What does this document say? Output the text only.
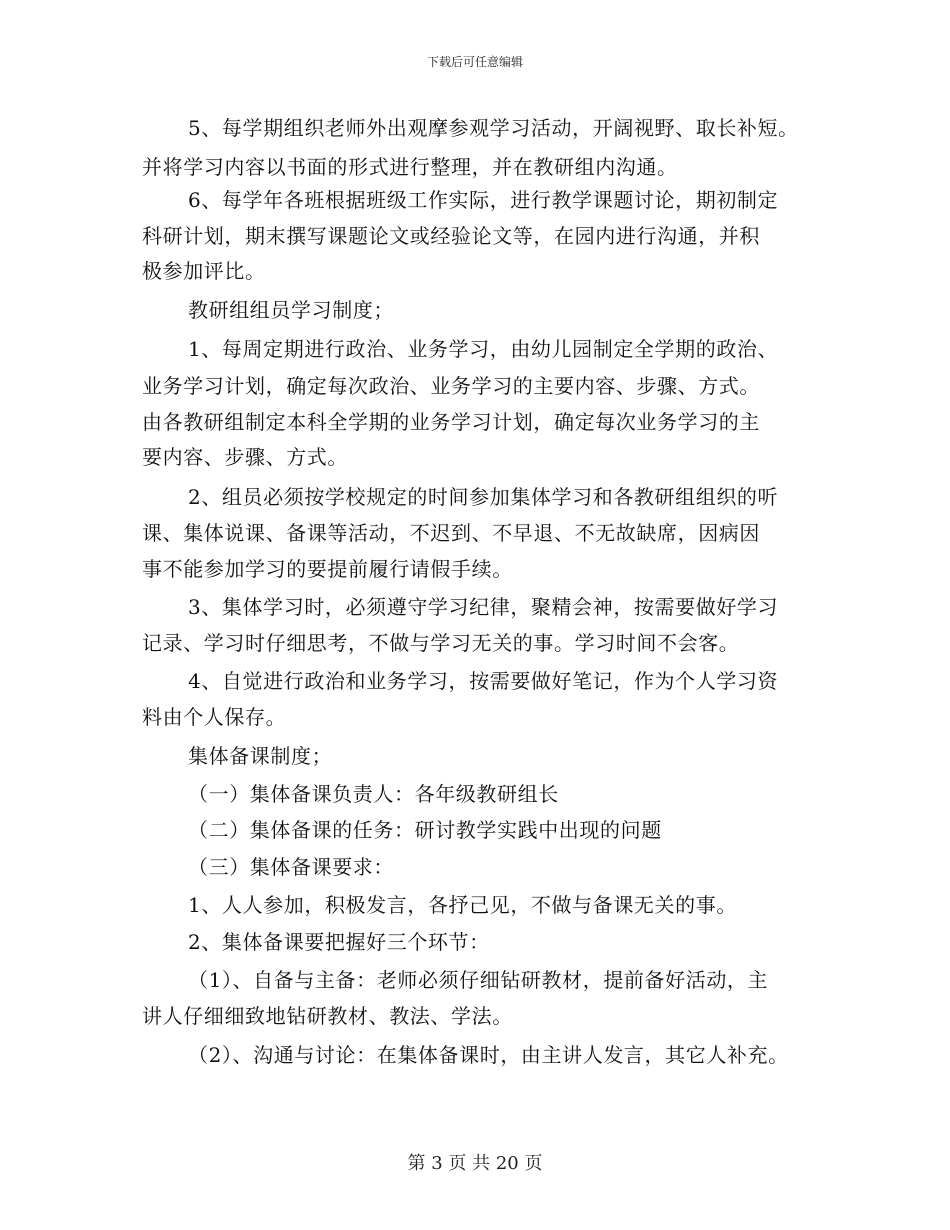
下载后可任意编辑
5、每学期组织老师外出观摩参观学习活动，开阔视野、取长补短。
并将学习内容以书面的形式进行整理，并在教研组内沟通。
6、每学年各班根据班级工作实际，进行教学课题讨论，期初制定
科研计划，期末撰写课题论文或经验论文等，在园内进行沟通，并积
极参加评比。
教研组组员学习制度；
1、每周定期进行政治、业务学习，由幼儿园制定全学期的政治、
业务学习计划，确定每次政治、业务学习的主要内容、步骤、方式。
由各教研组制定本科全学期的业务学习计划，确定每次业务学习的主
要内容、步骤、方式。
2、组员必须按学校规定的时间参加集体学习和各教研组组织的听
课、集体说课、备课等活动，不迟到、不早退、不无故缺席，因病因
事不能参加学习的要提前履行请假手续。
3、集体学习时，必须遵守学习纪律，聚精会神，按需要做好学习
记录、学习时仔细思考，不做与学习无关的事。学习时间不会客。
4、自觉进行政治和业务学习，按需要做好笔记，作为个人学习资
料由个人保存。
集体备课制度；
（一）集体备课负责人：各年级教研组长
（二）集体备课的任务：研讨教学实践中出现的问题
（三）集体备课要求：
1、人人参加，积极发言，各抒己见，不做与备课无关的事。
2、集体备课要把握好三个环节：
（1）、自备与主备：老师必须仔细钻研教材，提前备好活动，主
讲人仔细细致地钻研教材、教法、学法。
（2）、沟通与讨论：在集体备课时，由主讲人发言，其它人补充。
第 3 页 共 20 页
